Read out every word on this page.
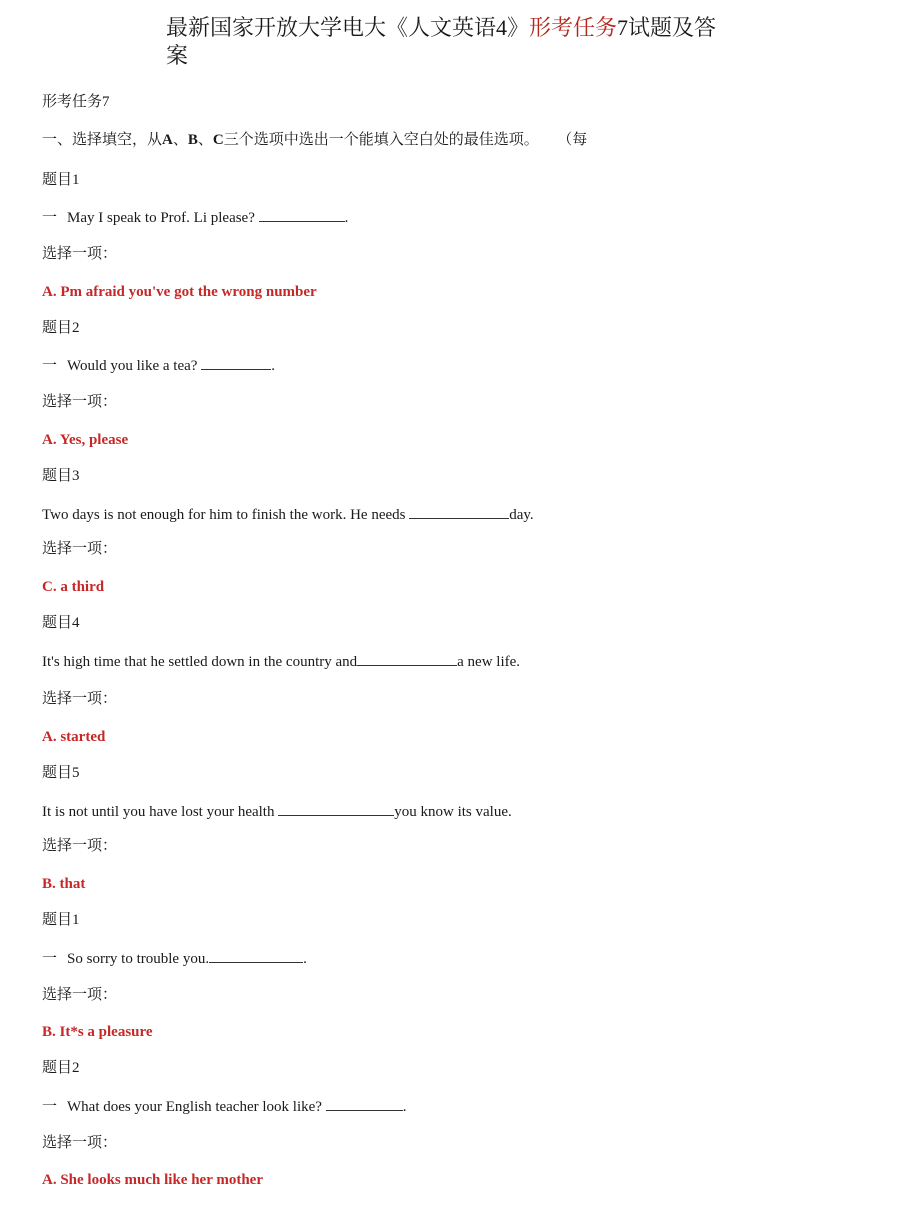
最新国家开放大学电大《人文英语4》形考任务7试题及答案

形考任务7

一、选择填空，从A、B、C三个选项中选出一个能填入空白处的最佳选项。 （每

题目1

一 May I speak to Prof. Li please?	.

选择一项：

A. Pm afraid you've got the wrong number

题目2

一 Would you like a tea?	.

选择一项：

A. Yes, please

题目3

Two days is not enough for him to finish the work. He needs	day.

选择一项：

C. a third

题目4

It's high time that he settled down in the country and	a new life.

选择一项：

A. started

题目5

It is not until you have lost your health	you know its value.

选择一项：

B. that

题目1

一 So sorry to trouble you.	.

选择一项：

B. It*s a pleasure

题目2

一 What does your English teacher look like?	.

选择一项：

A. She looks much like her mother
